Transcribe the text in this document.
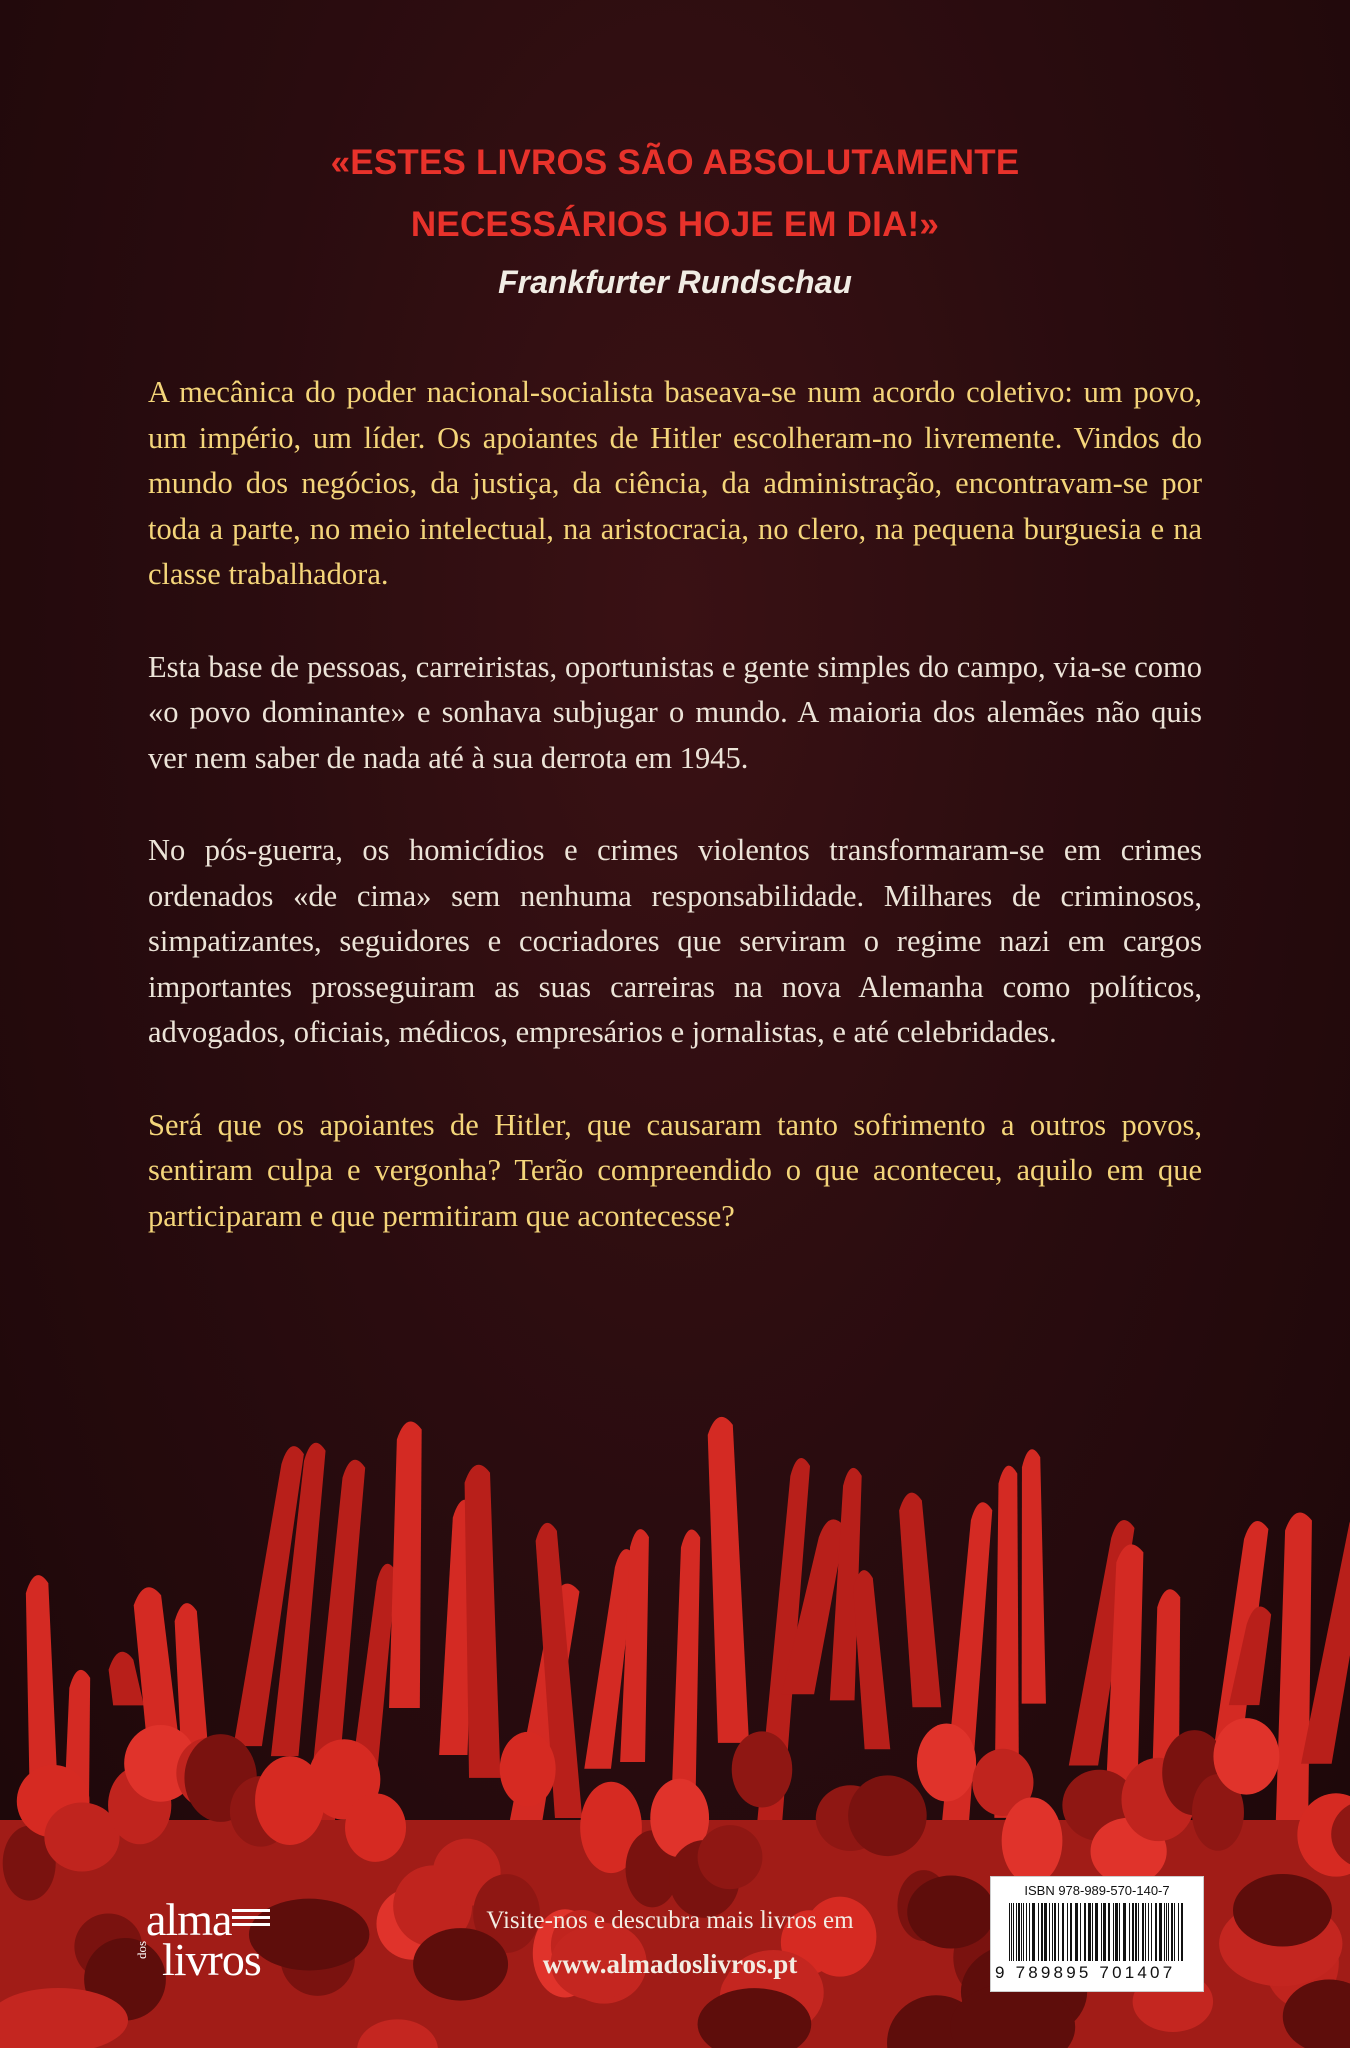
«ESTES LIVROS SÃO ABSOLUTAMENTE
NECESSÁRIOS HOJE EM DIA!»
Frankfurter Rundschau

A mecânica do poder nacional-socialista baseava-se num acordo coletivo: um povo, um império, um líder. Os apoiantes de Hitler escolheram-no livremente. Vindos do mundo dos negócios, da justiça, da ciência, da administração, encontravam-se por toda a parte, no meio intelectual, na aristocracia, no clero, na pequena burguesia e na classe trabalhadora.

Esta base de pessoas, carreiristas, oportunistas e gente simples do campo, via-se como «o povo dominante» e sonhava subjugar o mundo. A maioria dos alemães não quis ver nem saber de nada até à sua derrota em 1945.

No pós-guerra, os homicídios e crimes violentos transformaram-se em crimes ordenados «de cima» sem nenhuma responsabilidade. Milhares de criminosos, simpatizantes, seguidores e cocriadores que serviram o regime nazi em cargos importantes prosseguiram as suas carreiras na nova Alemanha como políticos, advogados, oficiais, médicos, empresários e jornalistas, e até celebridades.

Será que os apoiantes de Hitler, que causaram tanto sofrimento a outros povos, sentiram culpa e vergonha? Terão compreendido o que aconteceu, aquilo em que participaram e que permitiram que acontecesse?

alma
dos livros
Visite-nos e descubra mais livros em
www.almadoslivros.pt
ISBN 978-989-570-140-7
9 789895 701407
